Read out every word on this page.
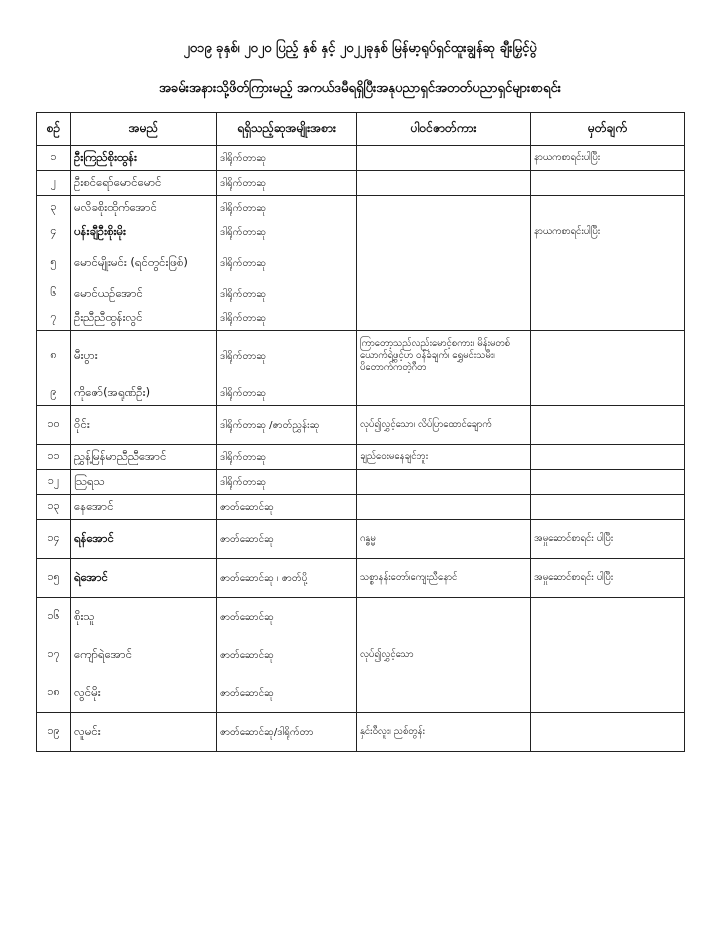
၂၀၁၉ ခုနှစ်၊ ၂၀၂၀ ပြည့် နှစ် နှင့် ၂၀၂၂ခုနှစ် မြန်မာ့ရုပ်ရှင်ထူးချွန်ဆု ချီးမြှင့်ပွဲ
အခမ်းအနားသို့ဖိတ်ကြားမည့် အကယ်ဒမီရရှိပြီးအနုပညာရှင်အတတ်ပညာရှင်များစာရင်း
စဉ်	အမည်	ရရှိသည့်ဆုအမျိုးအစား	ပါဝင်ဇာတ်ကား	မှတ်ချက်
၁	ဦးကြည်စိုးထွန်း	ဒါရိုက်တာဆု		နာယကစာရင်းပါပြီး
၂	ဦးစင်ရော်မောင်မောင်	ဒါရိုက်တာဆု		
၃	မလိခစိုးထိုက်အောင်	ဒါရိုက်တာဆု		
၄	ပန်းချီဦးစိုးမိုး	ဒါရိုက်တာဆု		နာယကစာရင်းပါပြီး
၅	မောင်မျိုးမင်း (ရင်တွင်းဖြစ်)	ဒါရိုက်တာဆု		
၆	မောင်ယဉ်အောင်	ဒါရိုက်တာဆု		
၇	ဦးညီညီထွန်းလွင်	ဒါရိုက်တာဆု		
၈	မီးပွား	ဒါရိုက်တာဆု	ကြာတော့သည်လည်းမောင့်စကား၊ မိန်းမတစ်ယောက်ရဲ့ဖွင့်ဟ ဝန်ခံချက်၊ ရွှေမင်းသမီး၊ ပိတောက်ကတဲ့ဂီတ	
၉	ကိုဇော်(အရုဏ်ဦး)	ဒါရိုက်တာဆု		
၁၀	ဝိုင်း	ဒါရိုက်တာဆု /ဇာတ်ညွှန်းဆု	လုပ်၍လွှင့်သော၊ လိပ်ပြာထောင်ချောက်	
၁၁	ညွှန့်မြန်မာညီညီအောင်	ဒါရိုက်တာဆု	ချည်ဝေးမနေချင်ဘူး	
၁၂	ဩရသ	ဒါရိုက်တာဆု		
၁၃	နေအောင်	ဇာတ်ဆောင်ဆု		
၁၄	ရန်အောင်	ဇာတ်ဆောင်ဆု	ဂန္ဓမ္မ	အမှုဆောင်စာရင်း ပါပြီး
၁၅	ရဲအောင်	ဇာတ်ဆောင်ဆု ၊ ဇာတ်ပို့	သစ္စာနန်းတော်၊ကျေးညီနောင်	အမှုဆောင်စာရင်း ပါပြီး
၁၆	စိုးသူ	ဇာတ်ဆောင်ဆု		
၁၇	ကျော်ရဲအောင်	ဇာတ်ဆောင်ဆု	လုပ်၍လွှင့်သော	
၁၈	လွင်မိုး	ဇာတ်ဆောင်ဆု		
၁၉	လူမင်း	ဇာတ်ဆောင်ဆု/ဒါရိုက်တာ	နှင်းဝီလူး၊ ညစ်တွန်း	
